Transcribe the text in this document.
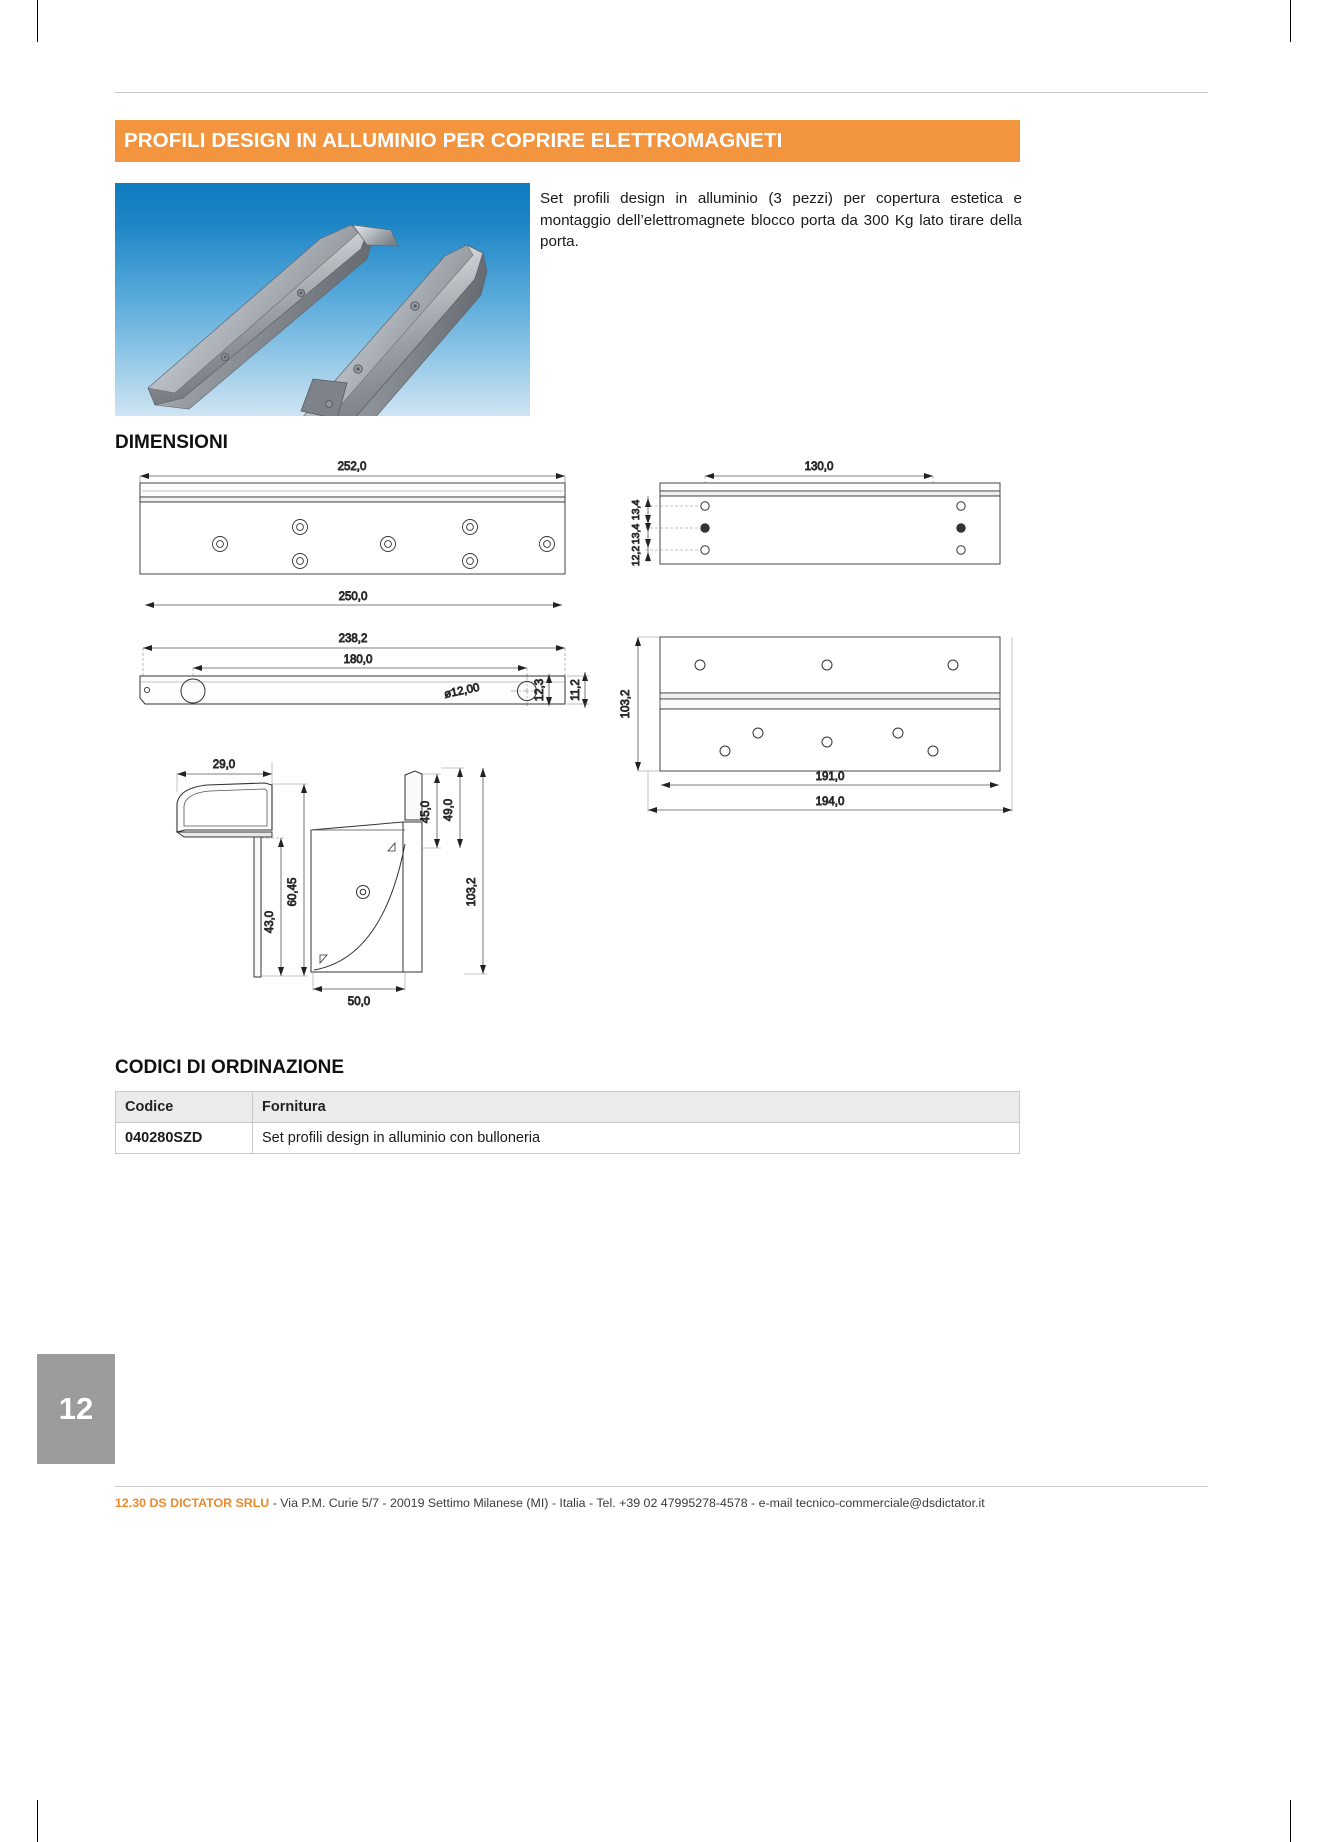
PROFILI DESIGN IN ALLUMINIO PER COPRIRE ELETTROMAGNETI
Set profili design in alluminio (3 pezzi) per copertura estetica e montaggio dell’elettromagnete blocco porta da 300 Kg lato tirare della porta.
DIMENSIONI
252,0
250,0
238,2
180,0
ø12,00	12,3 11,2
130,0
13,4
13,4
12,2
103,2
191,0
194,0
29,0
43,0
60,45
45,0 49,0
103,2
50,0
CODICI DI ORDINAZIONE
Codice	Fornitura
040280SZD	Set profili design in alluminio con bulloneria
12
12.30 DS DICTATOR SRLU - Via P.M. Curie 5/7 - 20019 Settimo Milanese (MI) - Italia - Tel. +39 02 47995278-4578 - e-mail tecnico-commerciale@dsdictator.it
